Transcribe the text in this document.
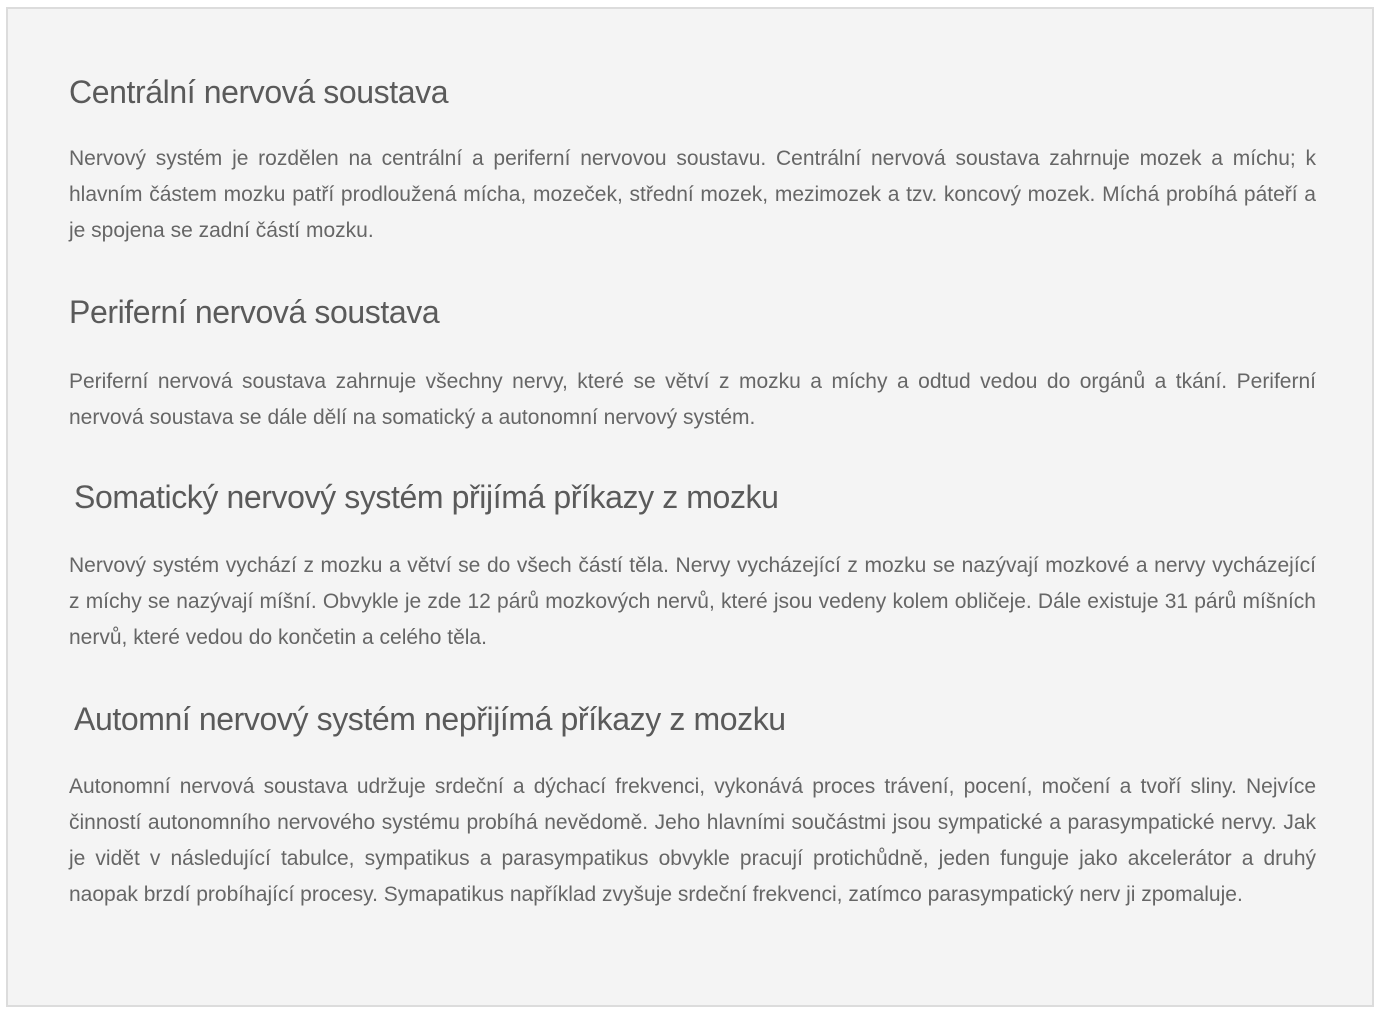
Centrální nervová soustava

Nervový systém je rozdělen na centrální a periferní nervovou soustavu. Centrální nervová soustava zahrnuje mozek a míchu; k hlavním částem mozku patří prodloužená mícha, mozeček, střední mozek, mezimozek a tzv. koncový mozek. Míchá probíhá páteří a je spojena se zadní částí mozku.

Periferní nervová soustava

Periferní nervová soustava zahrnuje všechny nervy, které se větví z mozku a míchy a odtud vedou do orgánů a tkání. Periferní nervová soustava se dále dělí na somatický a autonomní nervový systém.

Somatický nervový systém přijímá příkazy z mozku

Nervový systém vychází z mozku a větví se do všech částí těla. Nervy vycházející z mozku se nazývají mozkové a nervy vycházející z míchy se nazývají míšní. Obvykle je zde 12 párů mozkových nervů, které jsou vedeny kolem obličeje. Dále existuje 31 párů míšních nervů, které vedou do končetin a celého těla.

Automní nervový systém nepřijímá příkazy z mozku

Autonomní nervová soustava udržuje srdeční a dýchací frekvenci, vykonává proces trávení, pocení, močení a tvoří sliny. Nejvíce činností autonomního nervového systému probíhá nevědomě. Jeho hlavními součástmi jsou sympatické a parasympatické nervy. Jak je vidět v následující tabulce, sympatikus a parasympatikus obvykle pracují protichůdně, jeden funguje jako akcelerátor a druhý naopak brzdí probíhající procesy. Symapatikus například zvyšuje srdeční frekvenci, zatímco parasympatický nerv ji zpomaluje.
